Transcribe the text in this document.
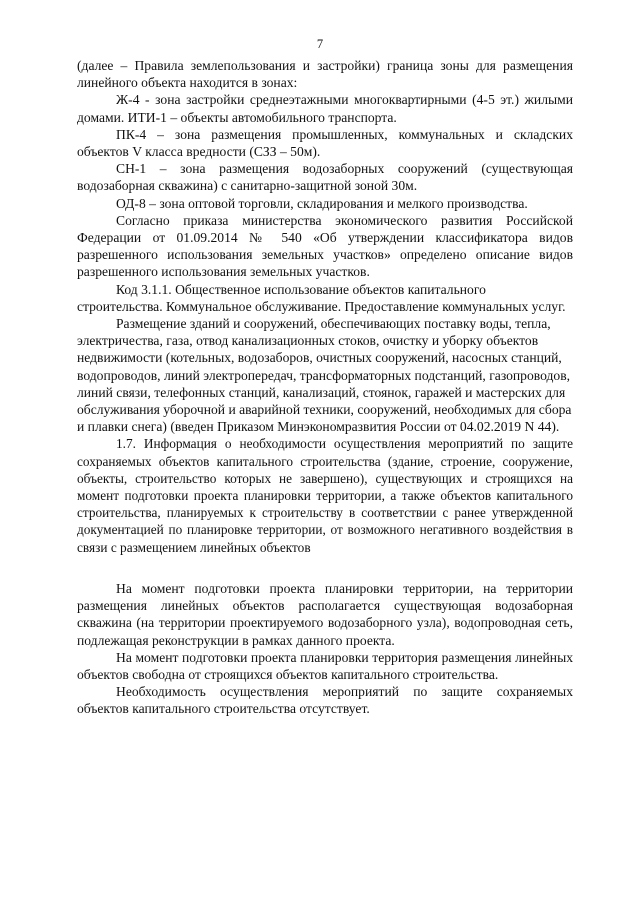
7

(далее – Правила землепользования и застройки) граница зоны для размещения линейного объекта находится в зонах:

Ж-4 - зона застройки среднеэтажными многоквартирными (4-5 эт.) жилыми домами. ИТИ-1 – объекты автомобильного транспорта.

ПК-4 – зона размещения промышленных, коммунальных и складских объектов V класса вредности (СЗЗ – 50м).

СН-1 – зона размещения водозаборных сооружений (существующая водозаборная скважина) с санитарно-защитной зоной 30м.

ОД-8 – зона оптовой торговли, складирования и мелкого производства.

Согласно приказа министерства экономического развития Российской Федерации от 01.09.2014 № 540 «Об утверждении классификатора видов разрешенного использования земельных участков» определено описание видов разрешенного использования земельных участков.

Код 3.1.1. Общественное использование объектов капитального строительства. Коммунальное обслуживание. Предоставление коммунальных услуг.

Размещение зданий и сооружений, обеспечивающих поставку воды, тепла, электричества, газа, отвод канализационных стоков, очистку и уборку объектов недвижимости (котельных, водозаборов, очистных сооружений, насосных станций, водопроводов, линий электропередач, трансформаторных подстанций, газопроводов, линий связи, телефонных станций, канализаций, стоянок, гаражей и мастерских для обслуживания уборочной и аварийной техники, сооружений, необходимых для сбора и плавки снега) (введен Приказом Минэкономразвития России от 04.02.2019 N 44).

1.7. Информация о необходимости осуществления мероприятий по защите сохраняемых объектов капитального строительства (здание, строение, сооружение, объекты, строительство которых не завершено), существующих и строящихся на момент подготовки проекта планировки территории, а также объектов капитального строительства, планируемых к строительству в соответствии с ранее утвержденной документацией по планировке территории, от возможного негативного воздействия в связи с размещением линейных объектов

На момент подготовки проекта планировки территории, на территории размещения линейных объектов располагается существующая водозаборная скважина (на территории проектируемого водозаборного узла), водопроводная сеть, подлежащая реконструкции в рамках данного проекта.

На момент подготовки проекта планировки территория размещения линейных объектов свободна от строящихся объектов капитального строительства.

Необходимость осуществления мероприятий по защите сохраняемых объектов капитального строительства отсутствует.
